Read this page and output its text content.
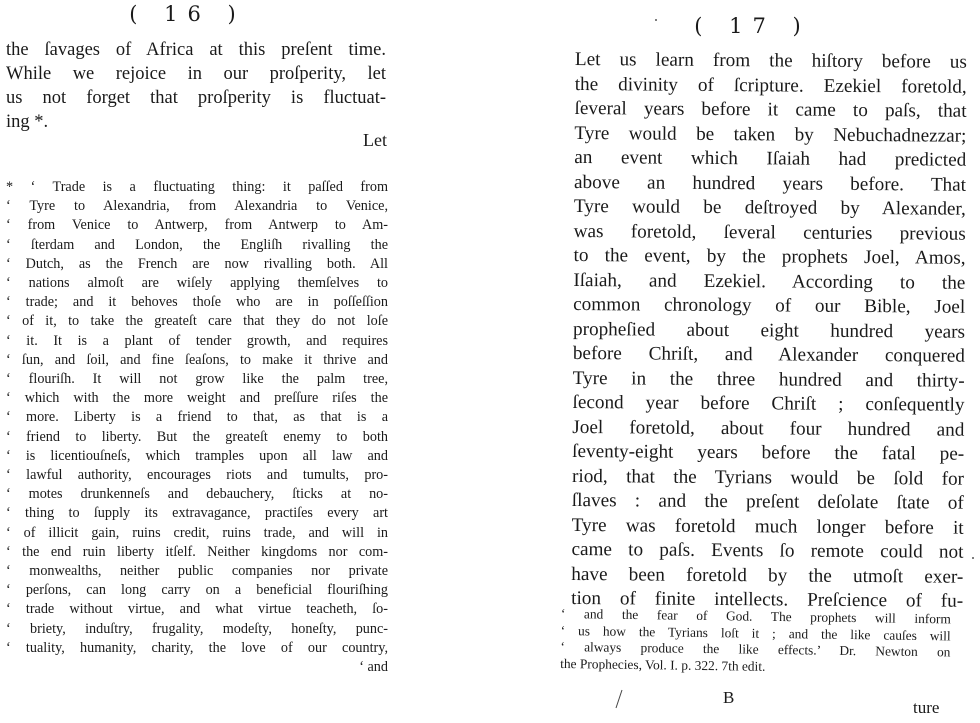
( 16 )
the ſavages of Africa at this preſent time.
While we rejoice in our proſperity, let
us not forget that proſperity is fluctuat-
ing *.
Let
* ‘ Trade is a fluctuating thing: it paſſed from
‘ Tyre to Alexandria, from Alexandria to Venice,
‘ from Venice to Antwerp, from Antwerp to Am-
‘ ſterdam and London, the Engliſh rivalling the
‘ Dutch, as the French are now rivalling both. All
‘ nations almoſt are wiſely applying themſelves to
‘ trade; and it behoves thoſe who are in poſſeſſion
‘ of it, to take the greateſt care that they do not loſe
‘ it. It is a plant of tender growth, and requires
‘ ſun, and ſoil, and fine ſeaſons, to make it thrive and
‘ flouriſh. It will not grow like the palm tree,
‘ which with the more weight and preſſure riſes the
‘ more. Liberty is a friend to that, as that is a
‘ friend to liberty. But the greateſt enemy to both
‘ is licentiouſneſs, which tramples upon all law and
‘ lawful authority, encourages riots and tumults, pro-
‘ motes drunkenneſs and debauchery, ſticks at no-
‘ thing to ſupply its extravagance, practiſes every art
‘ of illicit gain, ruins credit, ruins trade, and will in
‘ the end ruin liberty itſelf. Neither kingdoms nor com-
‘ monwealths, neither public companies nor private
‘ perſons, can long carry on a beneficial flouriſhing
‘ trade without virtue, and what virtue teacheth, ſo-
‘ briety, induſtry, frugality, modeſty, honeſty, punc-
‘ tuality, humanity, charity, the love of our country,
‘ and
( 17 )
Let us learn from the hiſtory before us
the divinity of ſcripture. Ezekiel foretold,
ſeveral years before it came to paſs, that
Tyre would be taken by Nebuchadnezzar;
an event which Iſaiah had predicted
above an hundred years before. That
Tyre would be deſtroyed by Alexander,
was foretold, ſeveral centuries previous
to the event, by the prophets Joel, Amos,
Iſaiah, and Ezekiel. According to the
common chronology of our Bible, Joel
propheſied about eight hundred years
before Chriſt, and Alexander conquered
Tyre in the three hundred and thirty-
ſecond year before Chriſt ; conſequently
Joel foretold, about four hundred and
ſeventy-eight years before the fatal pe-
riod, that the Tyrians would be ſold for
ſlaves : and the preſent deſolate ſtate of
Tyre was foretold much longer before it
came to paſs. Events ſo remote could not
have been foretold by the utmoſt exer-
tion of finite intellects. Preſcience of fu-
‘ and the fear of God. The prophets will inform
‘ us how the Tyrians loſt it ; and the like cauſes will
‘ always produce the like effects.’ Dr. Newton on
the Prophecies, Vol. I. p. 322. 7th edit.
B
ture
